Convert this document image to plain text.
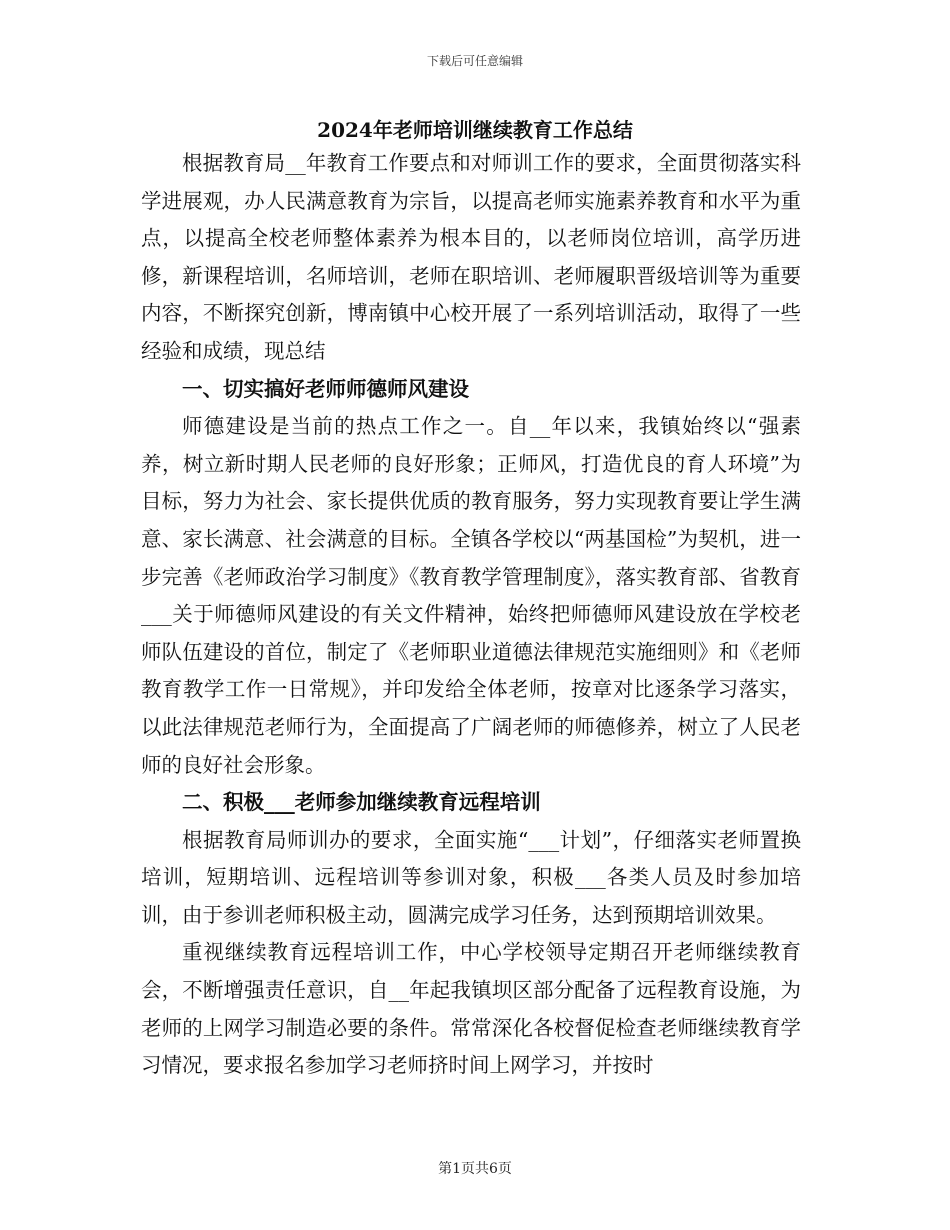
下载后可任意编辑
2024年老师培训继续教育工作总结

根据教育局__年教育工作要点和对师训工作的要求，全面贯彻落实科学进展观，办人民满意教育为宗旨，以提高老师实施素养教育和水平为重点，以提高全校老师整体素养为根本目的，以老师岗位培训，高学历进修，新课程培训，名师培训，老师在职培训、老师履职晋级培训等为重要内容，不断探究创新，博南镇中心校开展了一系列培训活动，取得了一些经验和成绩，现总结

一、切实搞好老师师德师风建设

师德建设是当前的热点工作之一。自__年以来，我镇始终以“强素养，树立新时期人民老师的良好形象；正师风，打造优良的育人环境”为目标，努力为社会、家长提供优质的教育服务，努力实现教育要让学生满意、家长满意、社会满意的目标。全镇各学校以“两基国检”为契机，进一步完善《老师政治学习制度》《教育教学管理制度》，落实教育部、省教育___关于师德师风建设的有关文件精神，始终把师德师风建设放在学校老师队伍建设的首位，制定了《老师职业道德法律规范实施细则》和《老师教育教学工作一日常规》，并印发给全体老师，按章对比逐条学习落实，以此法律规范老师行为，全面提高了广阔老师的师德修养，树立了人民老师的良好社会形象。

二、积极___老师参加继续教育远程培训

根据教育局师训办的要求，全面实施“___计划”，仔细落实老师置换培训，短期培训、远程培训等参训对象，积极___各类人员及时参加培训，由于参训老师积极主动，圆满完成学习任务，达到预期培训效果。

重视继续教育远程培训工作，中心学校领导定期召开老师继续教育会，不断增强责任意识，自__年起我镇坝区部分配备了远程教育设施，为老师的上网学习制造必要的条件。常常深化各校督促检查老师继续教育学习情况，要求报名参加学习老师挤时间上网学习，并按时

第1页共6页
